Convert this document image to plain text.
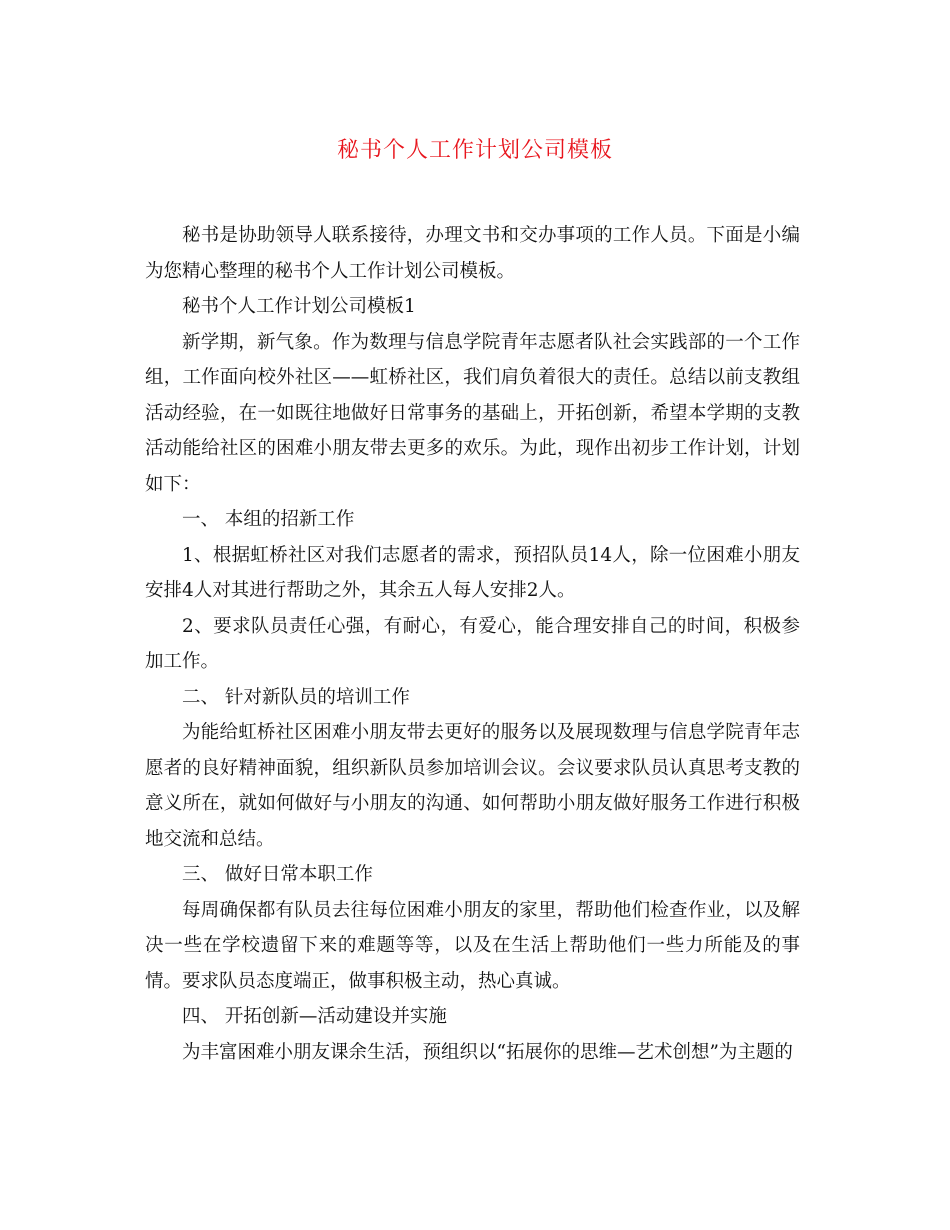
秘书个人工作计划公司模板

秘书是协助领导人联系接待，办理文书和交办事项的工作人员。下面是小编为您精心整理的秘书个人工作计划公司模板。

秘书个人工作计划公司模板1

新学期，新气象。作为数理与信息学院青年志愿者队社会实践部的一个工作组，工作面向校外社区——虹桥社区，我们肩负着很大的责任。总结以前支教组活动经验，在一如既往地做好日常事务的基础上，开拓创新，希望本学期的支教活动能给社区的困难小朋友带去更多的欢乐。为此，现作出初步工作计划，计划如下：

一、 本组的招新工作

1、根据虹桥社区对我们志愿者的需求，预招队员14人，除一位困难小朋友安排4人对其进行帮助之外，其余五人每人安排2人。

2、要求队员责任心强，有耐心，有爱心，能合理安排自己的时间，积极参加工作。

二、 针对新队员的培训工作

为能给虹桥社区困难小朋友带去更好的服务以及展现数理与信息学院青年志愿者的良好精神面貌，组织新队员参加培训会议。会议要求队员认真思考支教的意义所在，就如何做好与小朋友的沟通、如何帮助小朋友做好服务工作进行积极地交流和总结。

三、 做好日常本职工作

每周确保都有队员去往每位困难小朋友的家里，帮助他们检查作业，以及解决一些在学校遗留下来的难题等等，以及在生活上帮助他们一些力所能及的事情。要求队员态度端正，做事积极主动，热心真诚。

四、 开拓创新—活动建设并实施

为丰富困难小朋友课余生活，预组织以“拓展你的思维—艺术创想”为主题的
